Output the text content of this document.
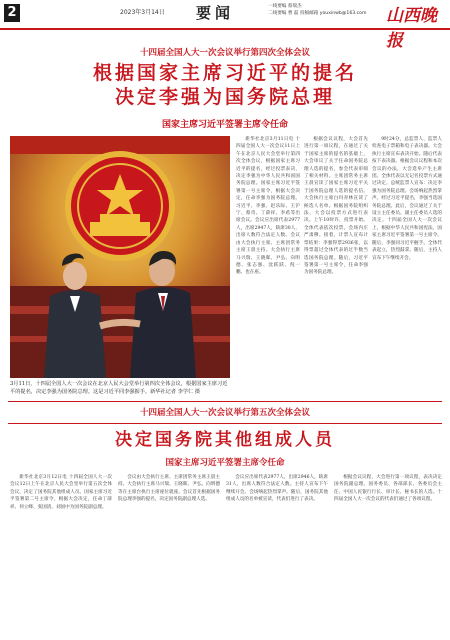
2	2023年3月14日 要闻	一线要编 蔡瑞杰
二线要编 曹 磊 投稿邮箱 youxinwb@163.com 山西晚报
十四届全国人大一次会议举行第四次全体会议
根据国家主席习近平的提名
决定李强为国务院总理
国家主席习近平签署主席令任命
3月11日，十四届全国人大一次会议在北京人民大会堂举行第四次全体会议，根据国家主席习近平的提名，决定李强为国务院总理。这是习近平同李强握手。新华社记者 李学仁 摄

新华社北京3月11日电 十四届全国人大一次会议11日上午在北京人民大会堂举行第四次全体会议，根据国家主席习近平的提名，经过投票表决，决定李强为中华人民共和国国务院总理。国家主席习近平签署第一号主席令，根据大会决定，任命李强为国务院总理。习近平、李强、赵乐际、王沪宁、蔡奇、丁薛祥、李希等出席会议。会议应出席代表2977人，出席2947人，缺席30人，出席人数符合法定人数。会议由大会执行主席、主席团常务主席王晨主持。大会执行主席马兴瑞、王晓晖、尹弘、向明德、张志强、沈跃跃、倪一鹏、也在座。

根据会议议程，大会首先进行第一项议程，在通过了关于国家主席的提名的基础上，大会审议了关于任命国务院总理人选的提名，参会代表审阅了相关材料。主席团常务主席王晨宣读了国家主席习近平关于国务院总理人选的提名信。大会执行主席白玛赤林宣读了候选人名单。根据国务院组织法，大会以投票方式进行表决。上午10时许，投票开始。全体代表依次投票。会场内庄严肃穆。接着，计票人宣布计票结果：李强得票2936张，以得票超过全体代表的过半数当选国务院总理。随后，习近平签署第一号主席令，任命李强为国务院总理。

9时24分，总监票人、监票人检查电子票箱和电子表决器。大会执行主席宣布表决开始。随后代表按下表决器。根据会议议程和本次会议的办法，大会选举产生主席团。全体代表以无记名投票方式通过决定。总统监票人宣布：决定李强为国务院总理。会场响起热烈掌声。经过习近平提名，李强当选国务院总理。此后，会议通过了关于设立主任委员、副主任委员人选的决定。十四届全国人大一次会议上，根据中华人民共和国宪法，国家主席习近平签署第一号主席令。随后，李强同习近平握手。全体代表起立，热烈鼓掌。随后，主持人宣布下午继续开会。

十四届全国人大一次会议举行第五次全体会议
决定国务院其他组成人员
国家主席习近平签署主席令任命

新华社北京3月12日电 十四届全国人大一次会议12日上午在北京人民大会堂举行第五次全体会议，决定了国务院其他组成人员。国家主席习近平签署第二号主席令，根据大会决定，任命丁薛祥、何立峰、张国清、刘国中为国务院副总理。

会议由大会执行主席、主席团常务主席王晨主持。大会执行主席马兴瑞、王晓晖、尹弘、向明德等在主席台执行主席座位就座。会议首先根据国务院总理李强的提名，决定国务院副总理人选。

会议应出席代表2977人，出席2946人，缺席31人，出席人数符合法定人数。主持人宣布下午继续开会。会场响起热烈掌声。随后，国务院其他组成人员的名单被宣读，代表们进行了表决。

根据会议议程，大会进行第一项议程，表决决定国务院副总理、国务委员、各部部长、各委员会主任、中国人民银行行长、审计长、秘书长的人选。十四届全国人大一次会议的代表们通过了各项议程。
